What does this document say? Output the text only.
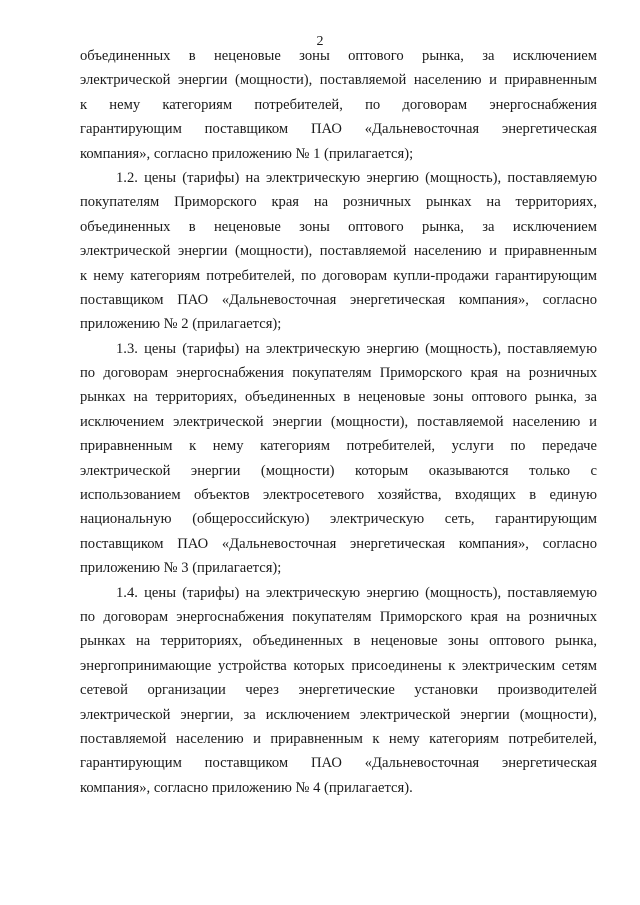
2
объединенных в неценовые зоны оптового рынка, за исключением
электрической энергии (мощности), поставляемой населению и приравненным
к нему категориям потребителей, по договорам энергоснабжения
гарантирующим поставщиком ПАО «Дальневосточная энергетическая
компания», согласно приложению № 1 (прилагается);
1.2. цены (тарифы) на электрическую энергию (мощность), поставляемую
покупателям Приморского края на розничных рынках на территориях,
объединенных в неценовые зоны оптового рынка, за исключением
электрической энергии (мощности), поставляемой населению и приравненным
к нему категориям потребителей, по договорам купли-продажи гарантирующим
поставщиком ПАО «Дальневосточная энергетическая компания», согласно
приложению № 2 (прилагается);
1.3. цены (тарифы) на электрическую энергию (мощность), поставляемую
по договорам энергоснабжения покупателям Приморского края на розничных
рынках на территориях, объединенных в неценовые зоны оптового рынка, за
исключением электрической энергии (мощности), поставляемой населению и
приравненным к нему категориям потребителей, услуги по передаче
электрической энергии (мощности) которым оказываются только с
использованием объектов электросетевого хозяйства, входящих в единую
национальную (общероссийскую) электрическую сеть, гарантирующим
поставщиком ПАО «Дальневосточная энергетическая компания», согласно
приложению № 3 (прилагается);
1.4. цены (тарифы) на электрическую энергию (мощность), поставляемую
по договорам энергоснабжения покупателям Приморского края на розничных
рынках на территориях, объединенных в неценовые зоны оптового рынка,
энергопринимающие устройства которых присоединены к электрическим сетям
сетевой организации через энергетические установки производителей
электрической энергии, за исключением электрической энергии (мощности),
поставляемой населению и приравненным к нему категориям потребителей,
гарантирующим поставщиком ПАО «Дальневосточная энергетическая
компания», согласно приложению № 4 (прилагается).
